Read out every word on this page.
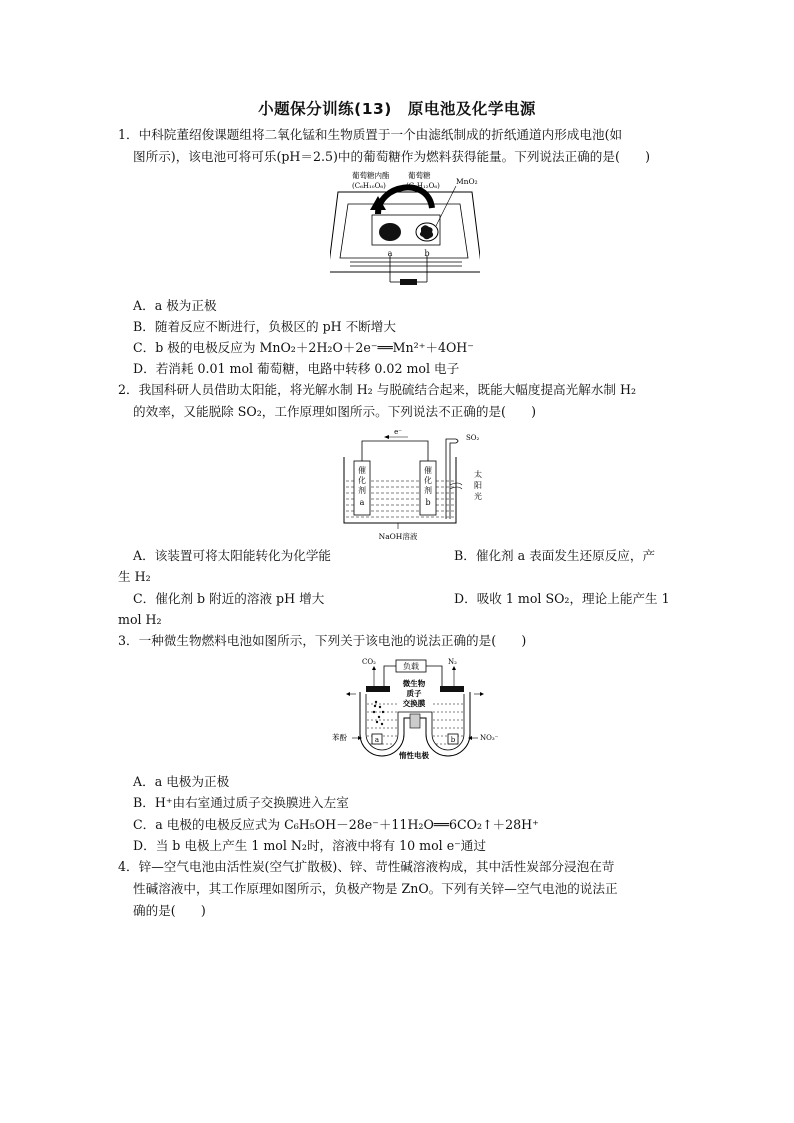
小题保分训练(13)　原电池及化学电源
1．中科院董绍俊课题组将二氧化锰和生物质置于一个由滤纸制成的折纸通道内形成电池(如
图所示)，该电池可将可乐(pH＝2.5)中的葡萄糖作为燃料获得能量。下列说法正确的是(　　)
a	b
葡萄糖内酯
(C₆H₁₀O₆)
葡萄糖
(C₆H₁₂O₆) MnO₂
A．a 极为正极
B．随着反应不断进行，负极区的 pH 不断增大
C．b 极的电极反应为 MnO₂＋2H₂O＋2e⁻══Mn²⁺＋4OH⁻
D．若消耗 0.01 mol 葡萄糖，电路中转移 0.02 mol 电子
2．我国科研人员借助太阳能，将光解水制 H₂ 与脱硫结合起来，既能大幅度提高光解水制 H₂
的效率，又能脱除 SO₂，工作原理如图所示。下列说法不正确的是(　　)
催
化
剂
a
催
化
剂
b
e⁻
SO₂
太
阳
光
NaOH溶液
A．该装置可将太阳能转化为化学能	B．催化剂 a 表面发生还原反应，产
生 H₂
C．催化剂 b 附近的溶液 pH 增大	D．吸收 1 mol SO₂，理论上能产生 1
mol H₂
3．一种微生物燃料电池如图所示，下列关于该电池的说法正确的是(　　)
负载
CO₂	N₂
微生物
质子
交换膜
a	b
苯酚	NO₃⁻
惰性电极
A．a 电极为正极
B．H⁺由右室通过质子交换膜进入左室
C．a 电极的电极反应式为 C₆H₅OH－28e⁻＋11H₂O══6CO₂↑＋28H⁺
D．当 b 电极上产生 1 mol N₂时，溶液中将有 10 mol e⁻通过
4．锌—空气电池由活性炭(空气扩散极)、锌、苛性碱溶液构成，其中活性炭部分浸泡在苛
性碱溶液中，其工作原理如图所示，负极产物是 ZnO。下列有关锌—空气电池的说法正
确的是(　　)
